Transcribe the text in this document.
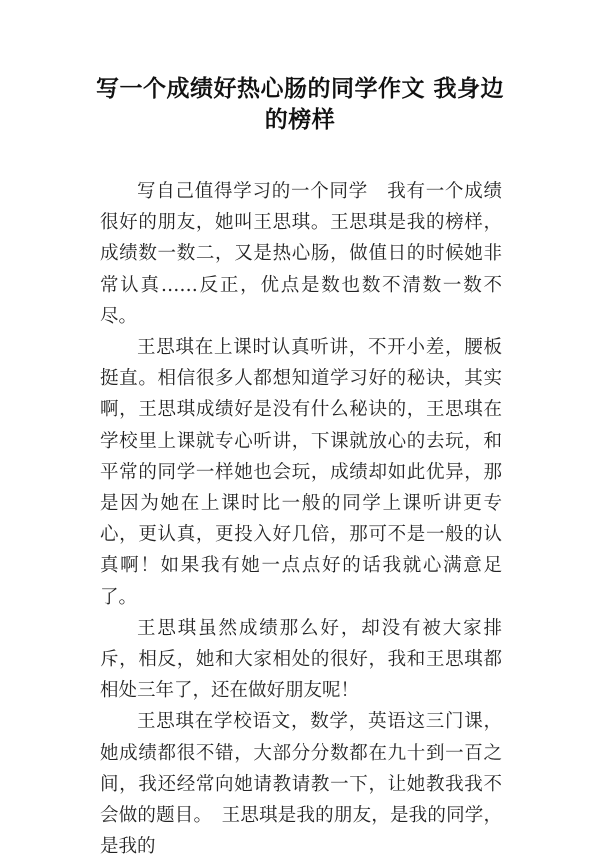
写一个成绩好热心肠的同学作文 我身边的榜样

写自己值得学习的一个同学　我有一个成绩很好的朋友，她叫王思琪。王思琪是我的榜样，成绩数一数二，又是热心肠，做值日的时候她非常认真……反正，优点是数也数不清数一数不尽。

王思琪在上课时认真听讲，不开小差，腰板挺直。相信很多人都想知道学习好的秘诀，其实啊，王思琪成绩好是没有什么秘诀的，王思琪在学校里上课就专心听讲，下课就放心的去玩，和平常的同学一样她也会玩，成绩却如此优异，那是因为她在上课时比一般的同学上课听讲更专心，更认真，更投入好几倍，那可不是一般的认真啊！如果我有她一点点好的话我就心满意足了。

王思琪虽然成绩那么好，却没有被大家排斥，相反，她和大家相处的很好，我和王思琪都相处三年了，还在做好朋友呢！

王思琪在学校语文，数学，英语这三门课，她成绩都很不错，大部分分数都在九十到一百之间，我还经常向她请教请教一下，让她教我我不会做的题目。　王思琪是我的朋友，是我的同学，是我的
